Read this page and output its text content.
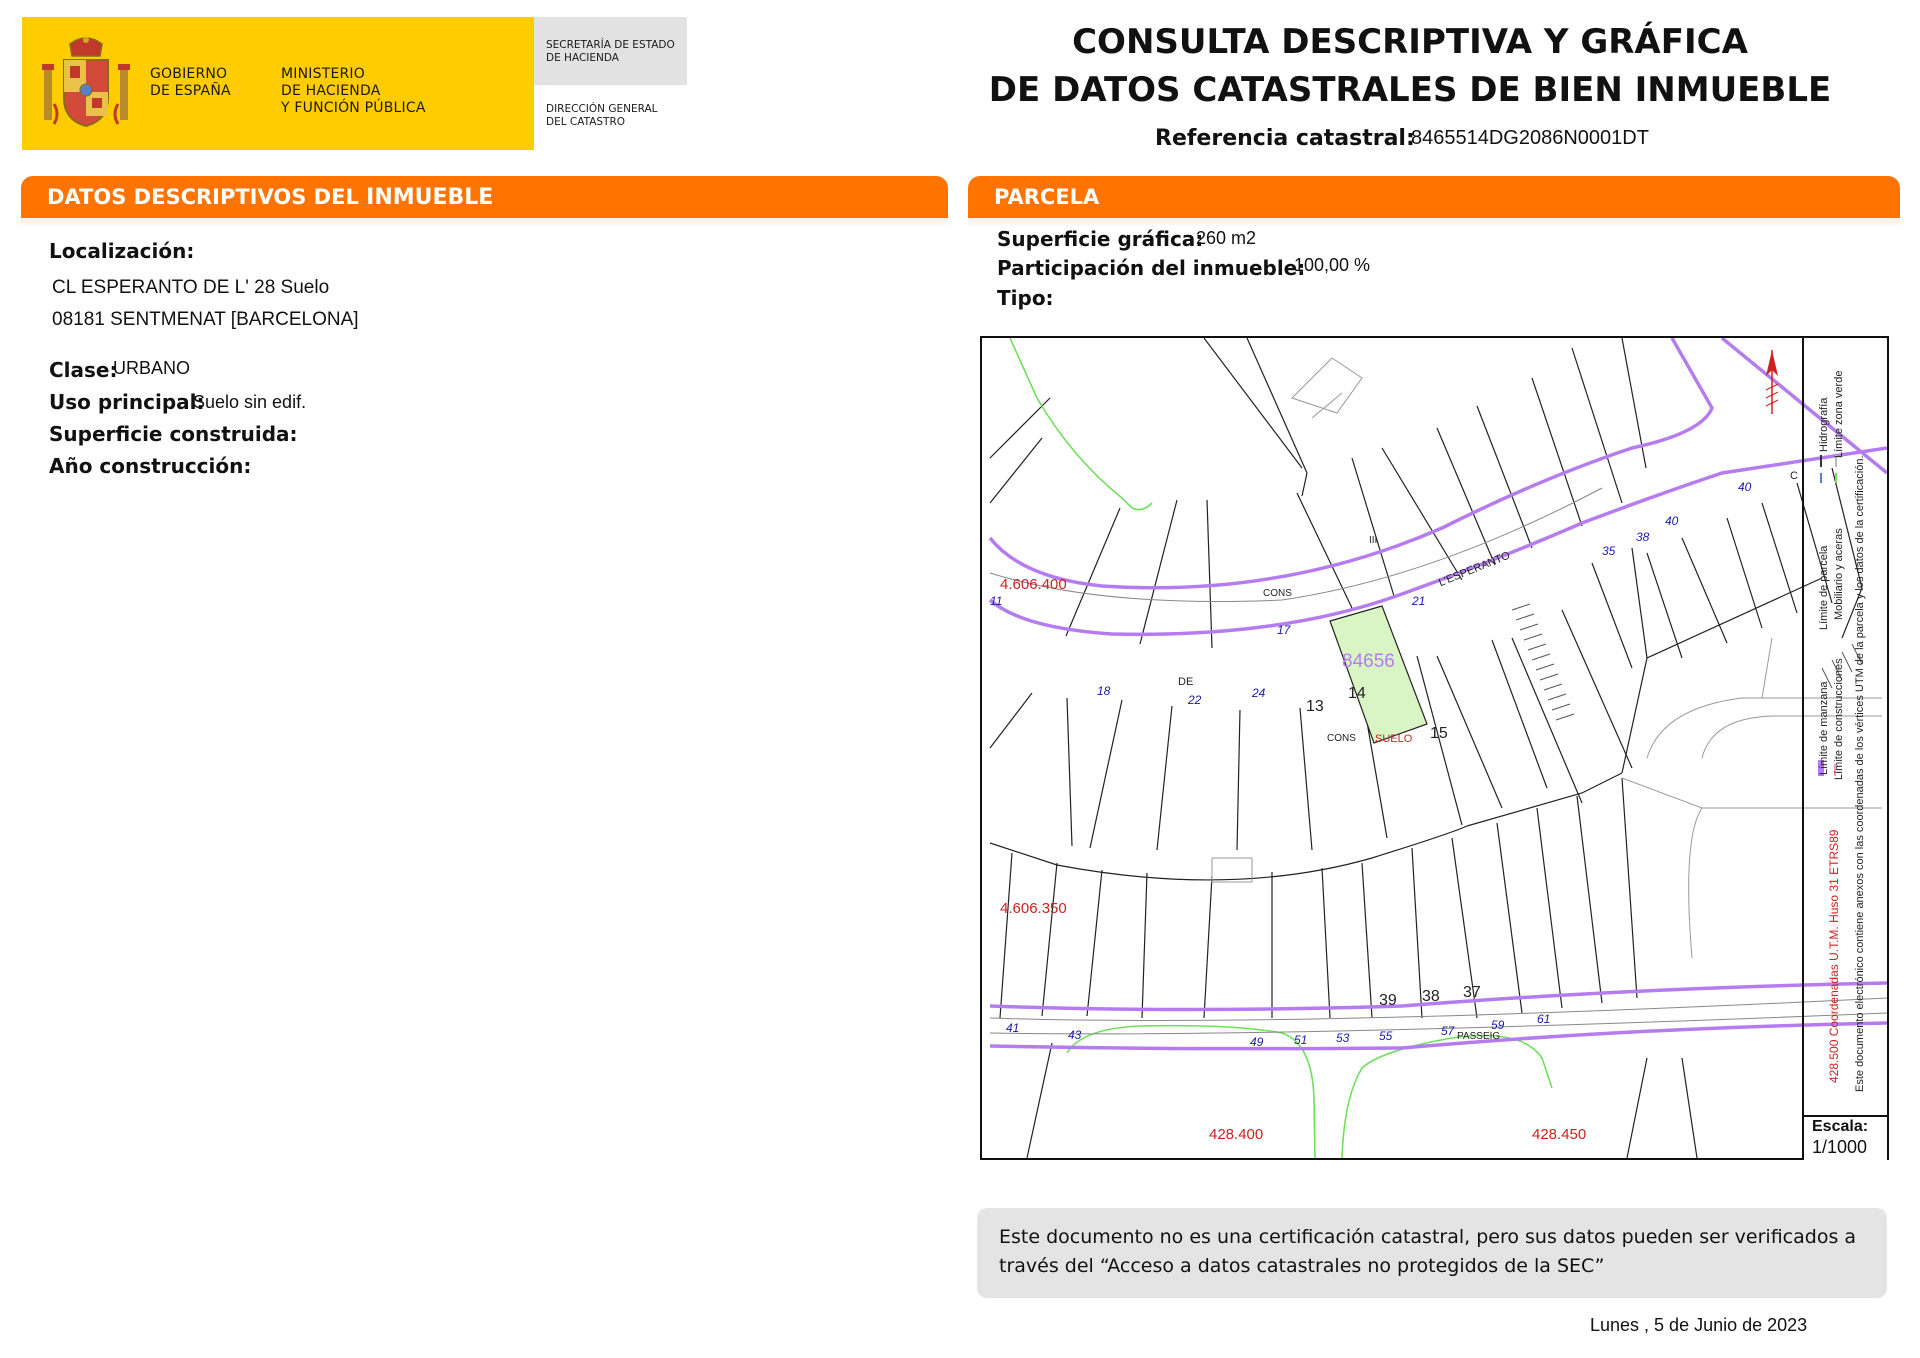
GOBIERNO
DE ESPAÑA
MINISTERIO
DE HACIENDA
Y FUNCIÓN PÚBLICA
SECRETARÍA DE ESTADO
DE HACIENDA
DIRECCIÓN GENERAL
DEL CATASTRO
CONSULTA DESCRIPTIVA Y GRÁFICA
DE DATOS CATASTRALES DE BIEN INMUEBLE
Referencia catastral:
8465514DG2086N0001DT
DATOS DESCRIPTIVOS DEL INMUEBLE
Localización:
CL ESPERANTO DE L' 28 Suelo
08181 SENTMENAT [BARCELONA]
Clase:
URBANO
Uso principal:
Suelo sin edif.
Superficie construida:
Año construcción:
PARCELA
Superficie gráfica:
260 m2
Participación del inmueble:
100,00 %
Tipo:
4.606.400
4.606.350
428.400	428.450
84656
L'ESPERANTO
DE
PASSEIG
CONS
CONS SUELO
III
13
14
15
39 38 37
11
17
21
35
38
40
40
18
22	24
41	43	49	51 53 55	57	59	61
C
Límite de manzana
Límite de parcela
Hidrografía
Límite de construcciones
Mobiliario y aceras
Límite zona verde
428.500 Coordenadas U.T.M. Huso 31 ETRS89 Este documento electrónico contiene anexos con las coordenadas de los vértices UTM de la parcela y los datos de la certificación.
Escala:
1/1000
Este documento no es una certificación catastral, pero sus datos pueden ser verificados a
través del “Acceso a datos catastrales no protegidos de la SEC”
Lunes , 5 de Junio de 2023
